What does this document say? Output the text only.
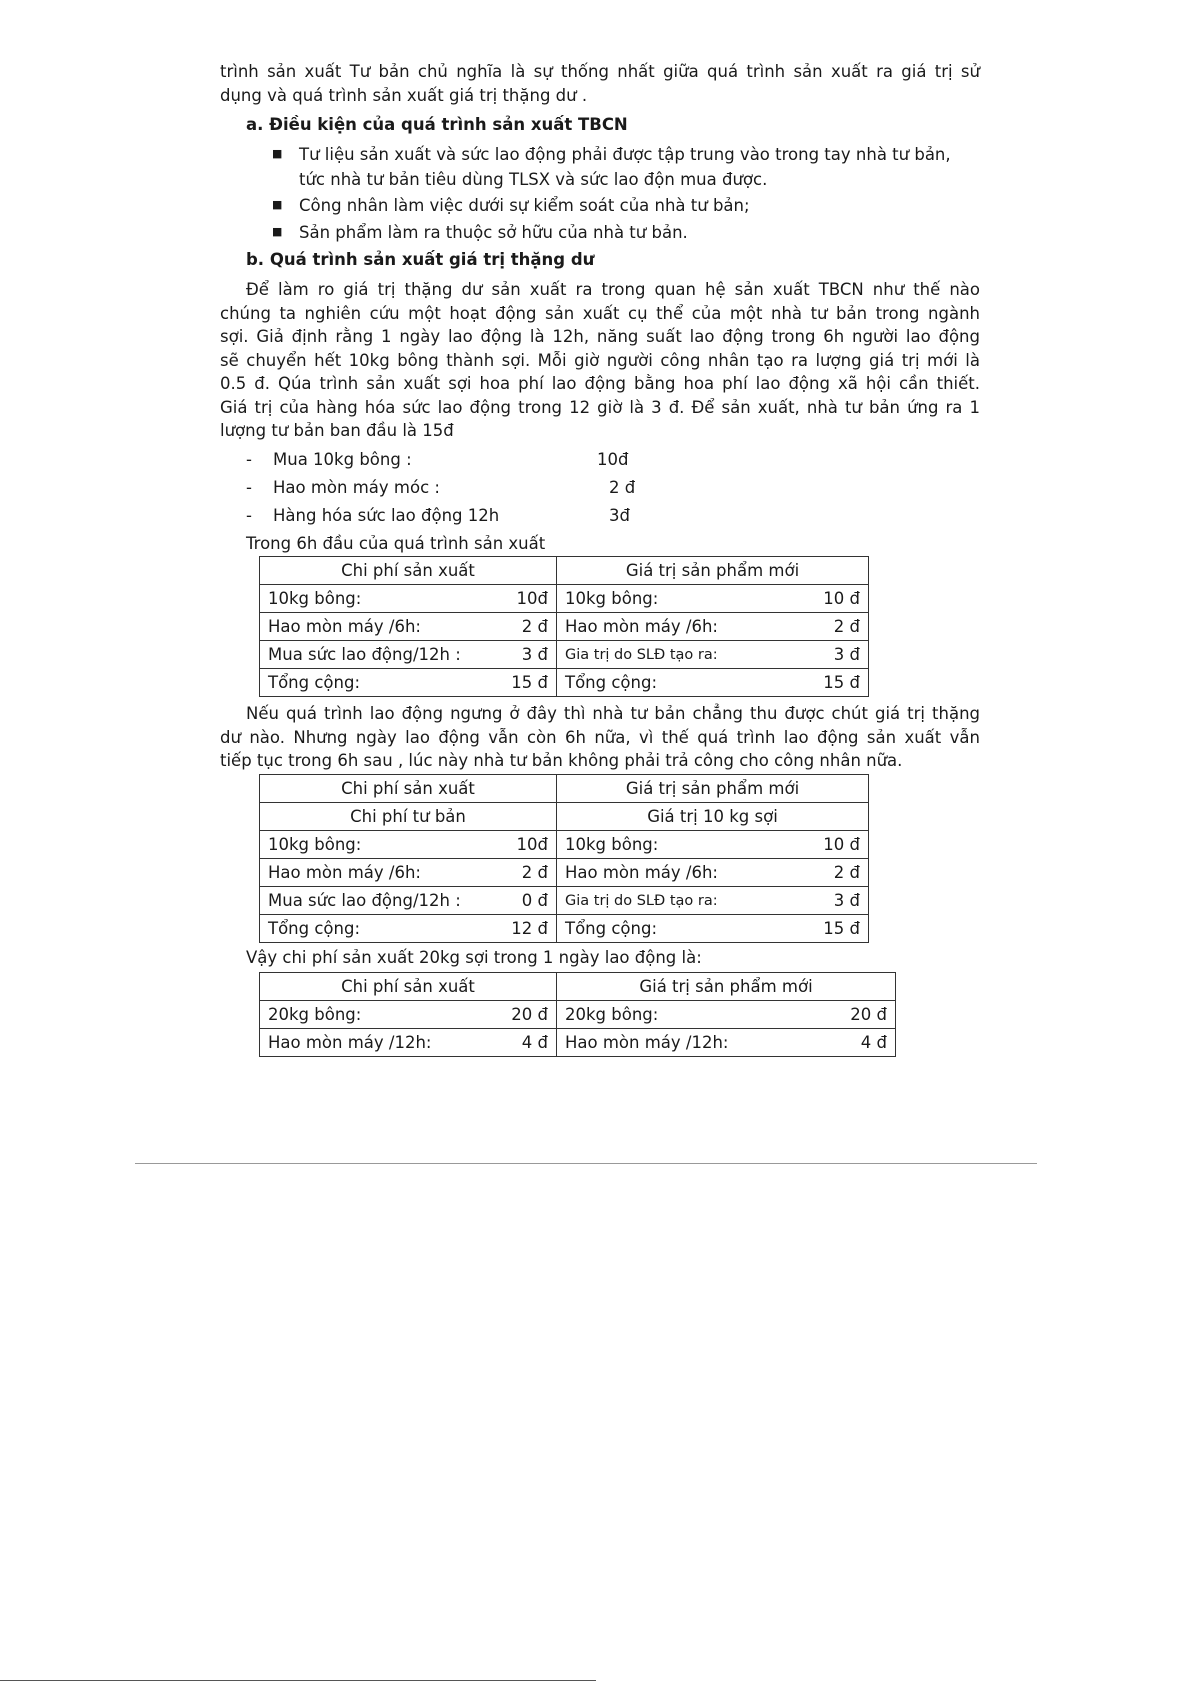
trình sản xuất Tư bản chủ nghĩa là sự thống nhất giữa quá trình sản xuất ra giá trị sử
dụng và quá trình sản xuất giá trị thặng dư .
a. Điều kiện của quá trình sản xuất TBCN
■ Tư liệu sản xuất và sức lao động phải được tập trung vào trong tay nhà tư bản, tức nhà tư bản tiêu dùng TLSX và sức lao độn mua được.
■ Công nhân làm việc dưới sự kiểm soát của nhà tư bản;
■ Sản phẩm làm ra thuộc sở hữu của nhà tư bản.
b. Quá trình sản xuất giá trị thặng dư
Để làm ro giá trị thặng dư sản xuất ra trong quan hệ sản xuất TBCN như thế nào
chúng ta nghiên cứu một hoạt động sản xuất cụ thể của một nhà tư bản trong ngành
sợi. Giả định rằng 1 ngày lao động là 12h, năng suất lao động trong 6h người lao động
sẽ chuyển hết 10kg bông thành sợi. Mỗi giờ người công nhân tạo ra lượng giá trị mới là
0.5 đ. Qúa trình sản xuất sợi hoa phí lao động bằng hoa phí lao động xã hội cần thiết.
Giá trị của hàng hóa sức lao động trong 12 giờ là 3 đ. Để sản xuất, nhà tư bản ứng ra 1
lượng tư bản ban đầu là 15đ
- Mua 10kg bông :	10đ
- Hao mòn máy móc :	2 đ
- Hàng hóa sức lao động 12h	3đ
Trong 6h đầu của quá trình sản xuất
Chi phí sản xuất	Giá trị sản phẩm mới

10kg bông: 10đ	10kg bông: 10 đ

Hao mòn máy /6h: 2 đ	Hao mòn máy /6h: 2 đ

Mua sức lao động/12h : 3 đ	Gia trị do SLĐ tạo ra: 3 đ

Tổng cộng: 15 đ	Tổng cộng: 15 đ
Nếu quá trình lao động ngưng ở đây thì nhà tư bản chẳng thu được chút giá trị thặng
dư nào. Nhưng ngày lao động vẫn còn 6h nữa, vì thế quá trình lao động sản xuất vẫn
tiếp tục trong 6h sau , lúc này nhà tư bản không phải trả công cho công nhân nữa.
Chi phí sản xuất	Giá trị sản phẩm mới
Chi phí tư bản	Giá trị 10 kg sợi

10kg bông: 10đ	10kg bông: 10 đ

Hao mòn máy /6h: 2 đ	Hao mòn máy /6h: 2 đ

Mua sức lao động/12h : 0 đ	Gia trị do SLĐ tạo ra: 3 đ

Tổng cộng: 12 đ	Tổng cộng: 15 đ
Vậy chi phí sản xuất 20kg sợi trong 1 ngày lao động là:
Chi phí sản xuất	Giá trị sản phẩm mới

20kg bông: 20 đ	20kg bông: 20 đ

Hao mòn máy /12h: 4 đ	Hao mòn máy /12h: 4 đ
